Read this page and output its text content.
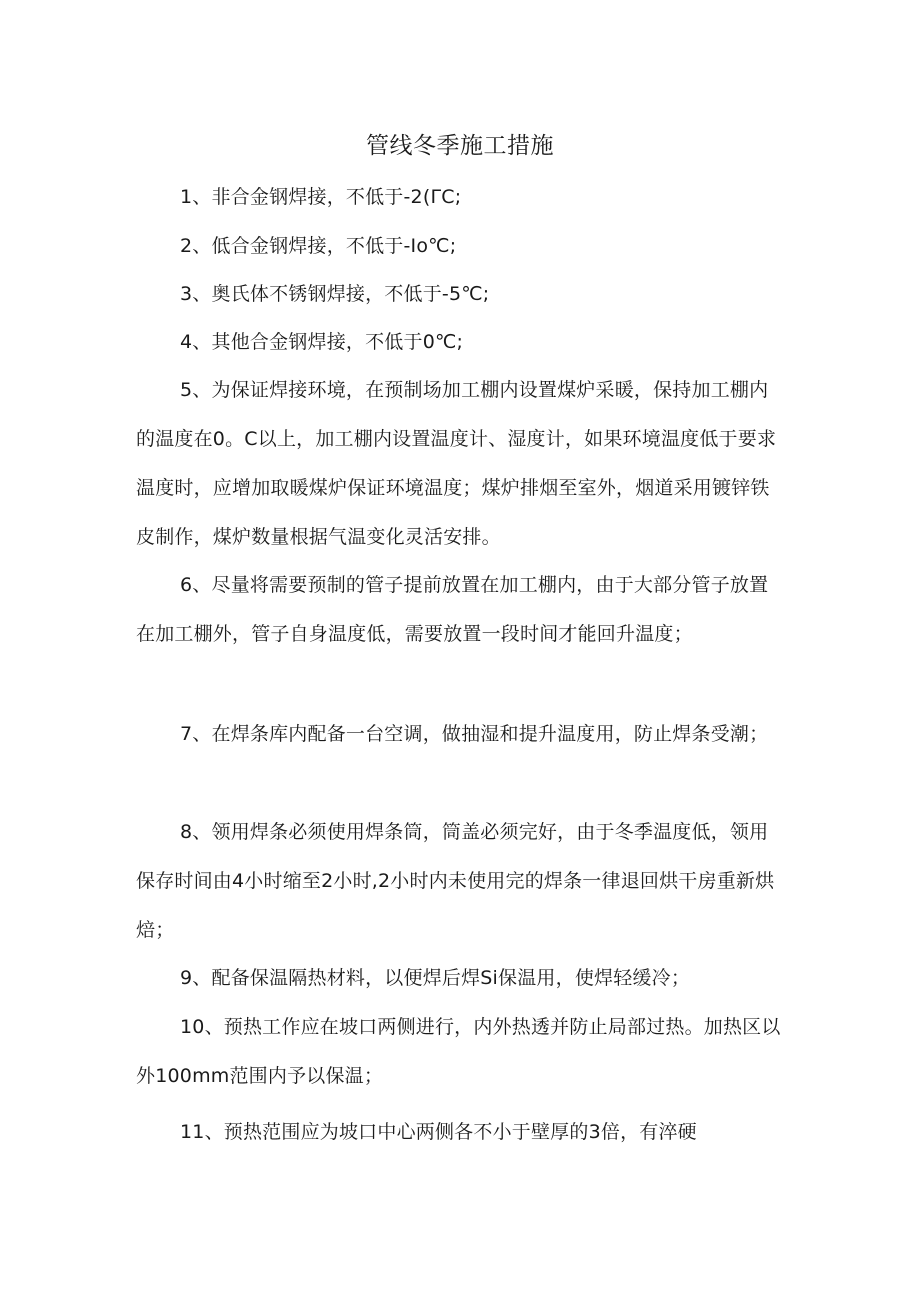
管线冬季施工措施

1、非合金钢焊接，不低于-2(ΓC;

2、低合金钢焊接，不低于-Io℃;

3、奥氏体不锈钢焊接，不低于-5℃;

4、其他合金钢焊接，不低于0℃;

5、为保证焊接环境，在预制场加工棚内设置煤炉采暖，保持加工棚内的温度在0。C以上，加工棚内设置温度计、湿度计，如果环境温度低于要求温度时，应增加取暖煤炉保证环境温度；煤炉排烟至室外，烟道采用镀锌铁皮制作，煤炉数量根据气温变化灵活安排。

6、尽量将需要预制的管子提前放置在加工棚内，由于大部分管子放置在加工棚外，管子自身温度低，需要放置一段时间才能回升温度；

7、在焊条库内配备一台空调，做抽湿和提升温度用，防止焊条受潮；

8、领用焊条必须使用焊条筒，筒盖必须完好，由于冬季温度低，领用保存时间由4小时缩至2小时,2小时内未使用完的焊条一律退回烘干房重新烘焙；

9、配备保温隔热材料，以便焊后焊Si保温用，使焊轻缓冷；

10、预热工作应在坡口两侧进行，内外热透并防止局部过热。加热区以外100mm范围内予以保温；

11、预热范围应为坡口中心两侧各不小于壁厚的3倍，有淬硬
